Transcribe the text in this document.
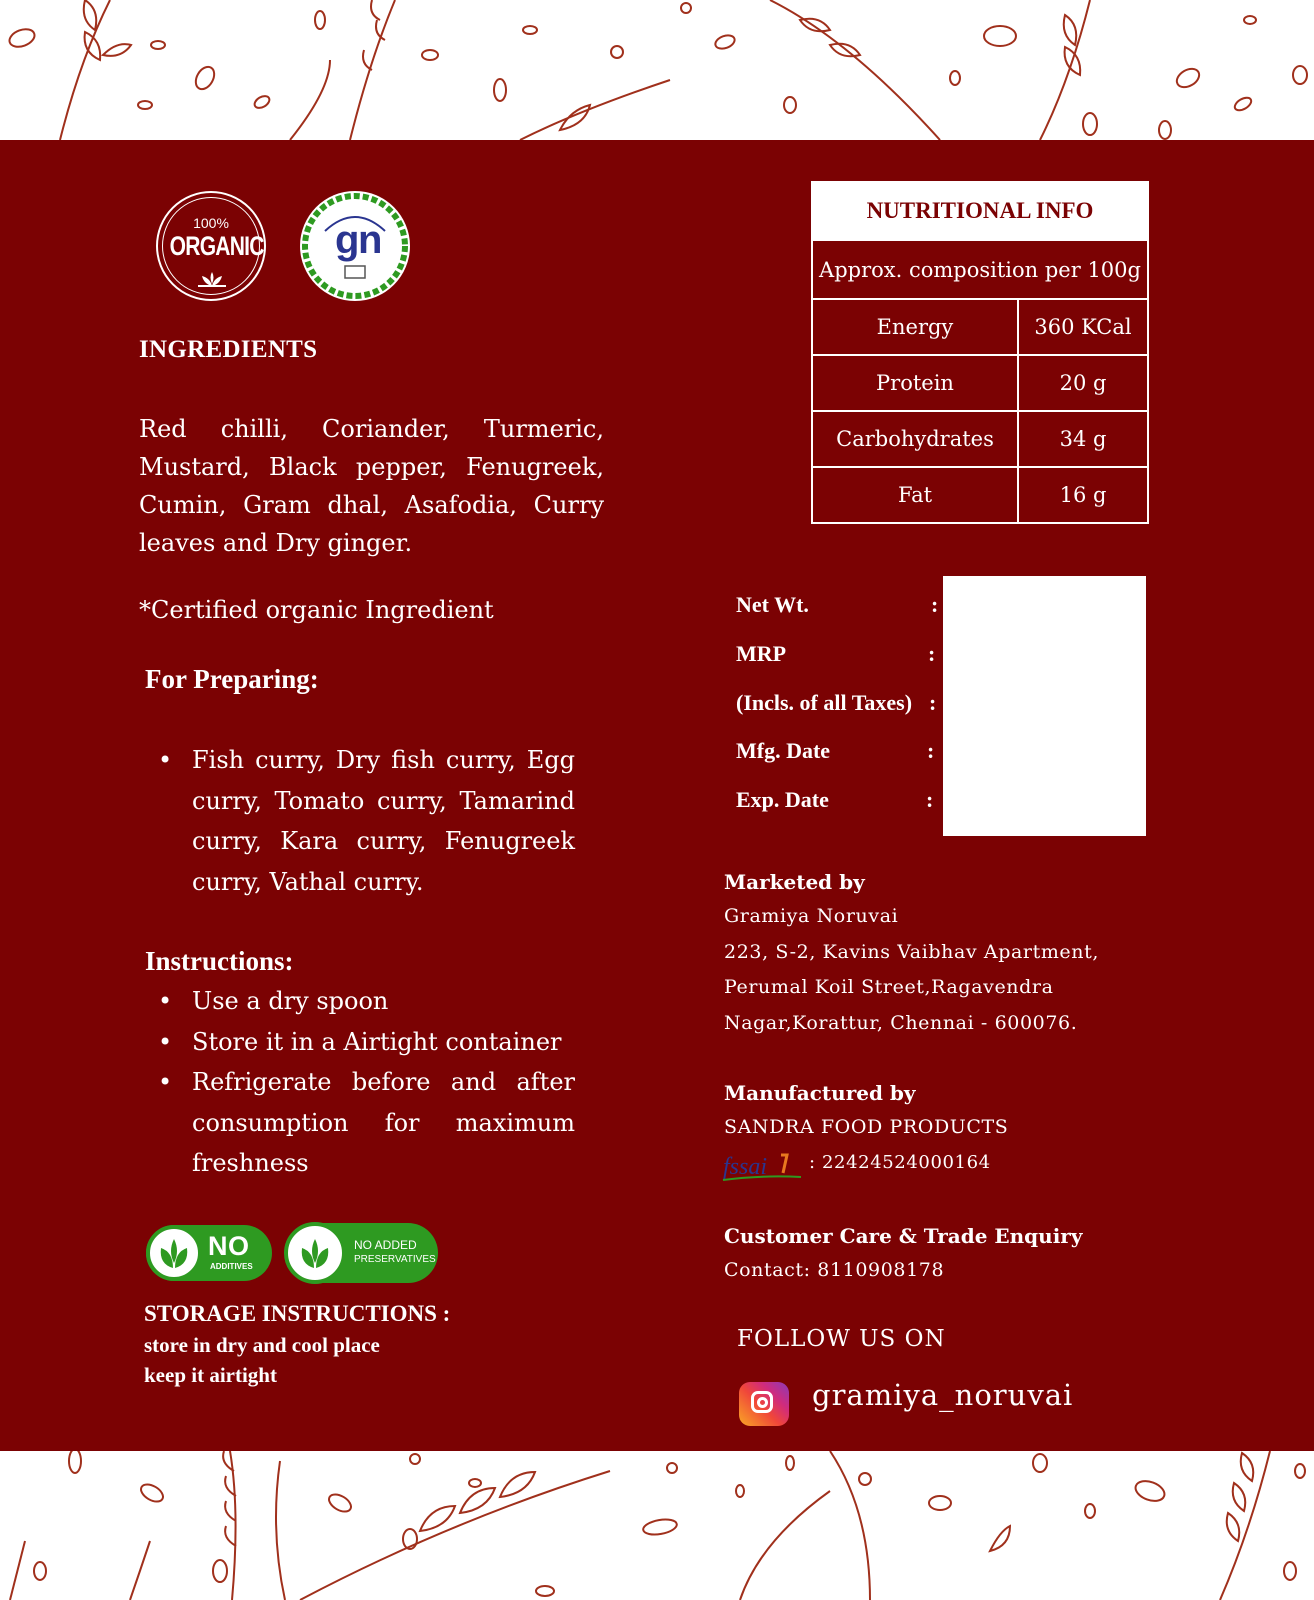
100%
ORGANIC g
n
INGREDIENTS
Red chilli, Coriander, Turmeric, Mustard, Black pepper, Fenugreek, Cumin, Gram dhal, Asafodia, Curry leaves and Dry ginger.
*Certified organic Ingredient
For Preparing:
• Fish curry, Dry fish curry, Egg curry, Tomato curry, Tamarind curry, Kara curry, Fenugreek curry, Vathal curry.
Instructions:
• Use a dry spoon
• Store it in a Airtight container
• Refrigerate before and after consumption for maximum freshness
NO
ADDITIVES
NO ADDED
PRESERVATIVES
STORAGE INSTRUCTIONS :
store in dry and cool place
keep it airtight
NUTRITIONAL INFO	
Approx. composition per 100g	
Energy	360 KCal
Protein	20 g
Carbohydrates	34 g
Fat	16 g
Net Wt.	:
MRP	:
(Incls. of all Taxes) :
Mfg. Date	:
Exp. Date	:
Marketed by
Gramiya Noruvai
223, S-2, Kavins Vaibhav Apartment,
Perumal Koil Street,Ragavendra
Nagar,Korattur, Chennai - 600076.
Manufactured by
SANDRA FOOD PRODUCTS
fssai : 22424524000164
Customer Care & Trade Enquiry
Contact: 8110908178
FOLLOW US ON
gramiya_noruvai
